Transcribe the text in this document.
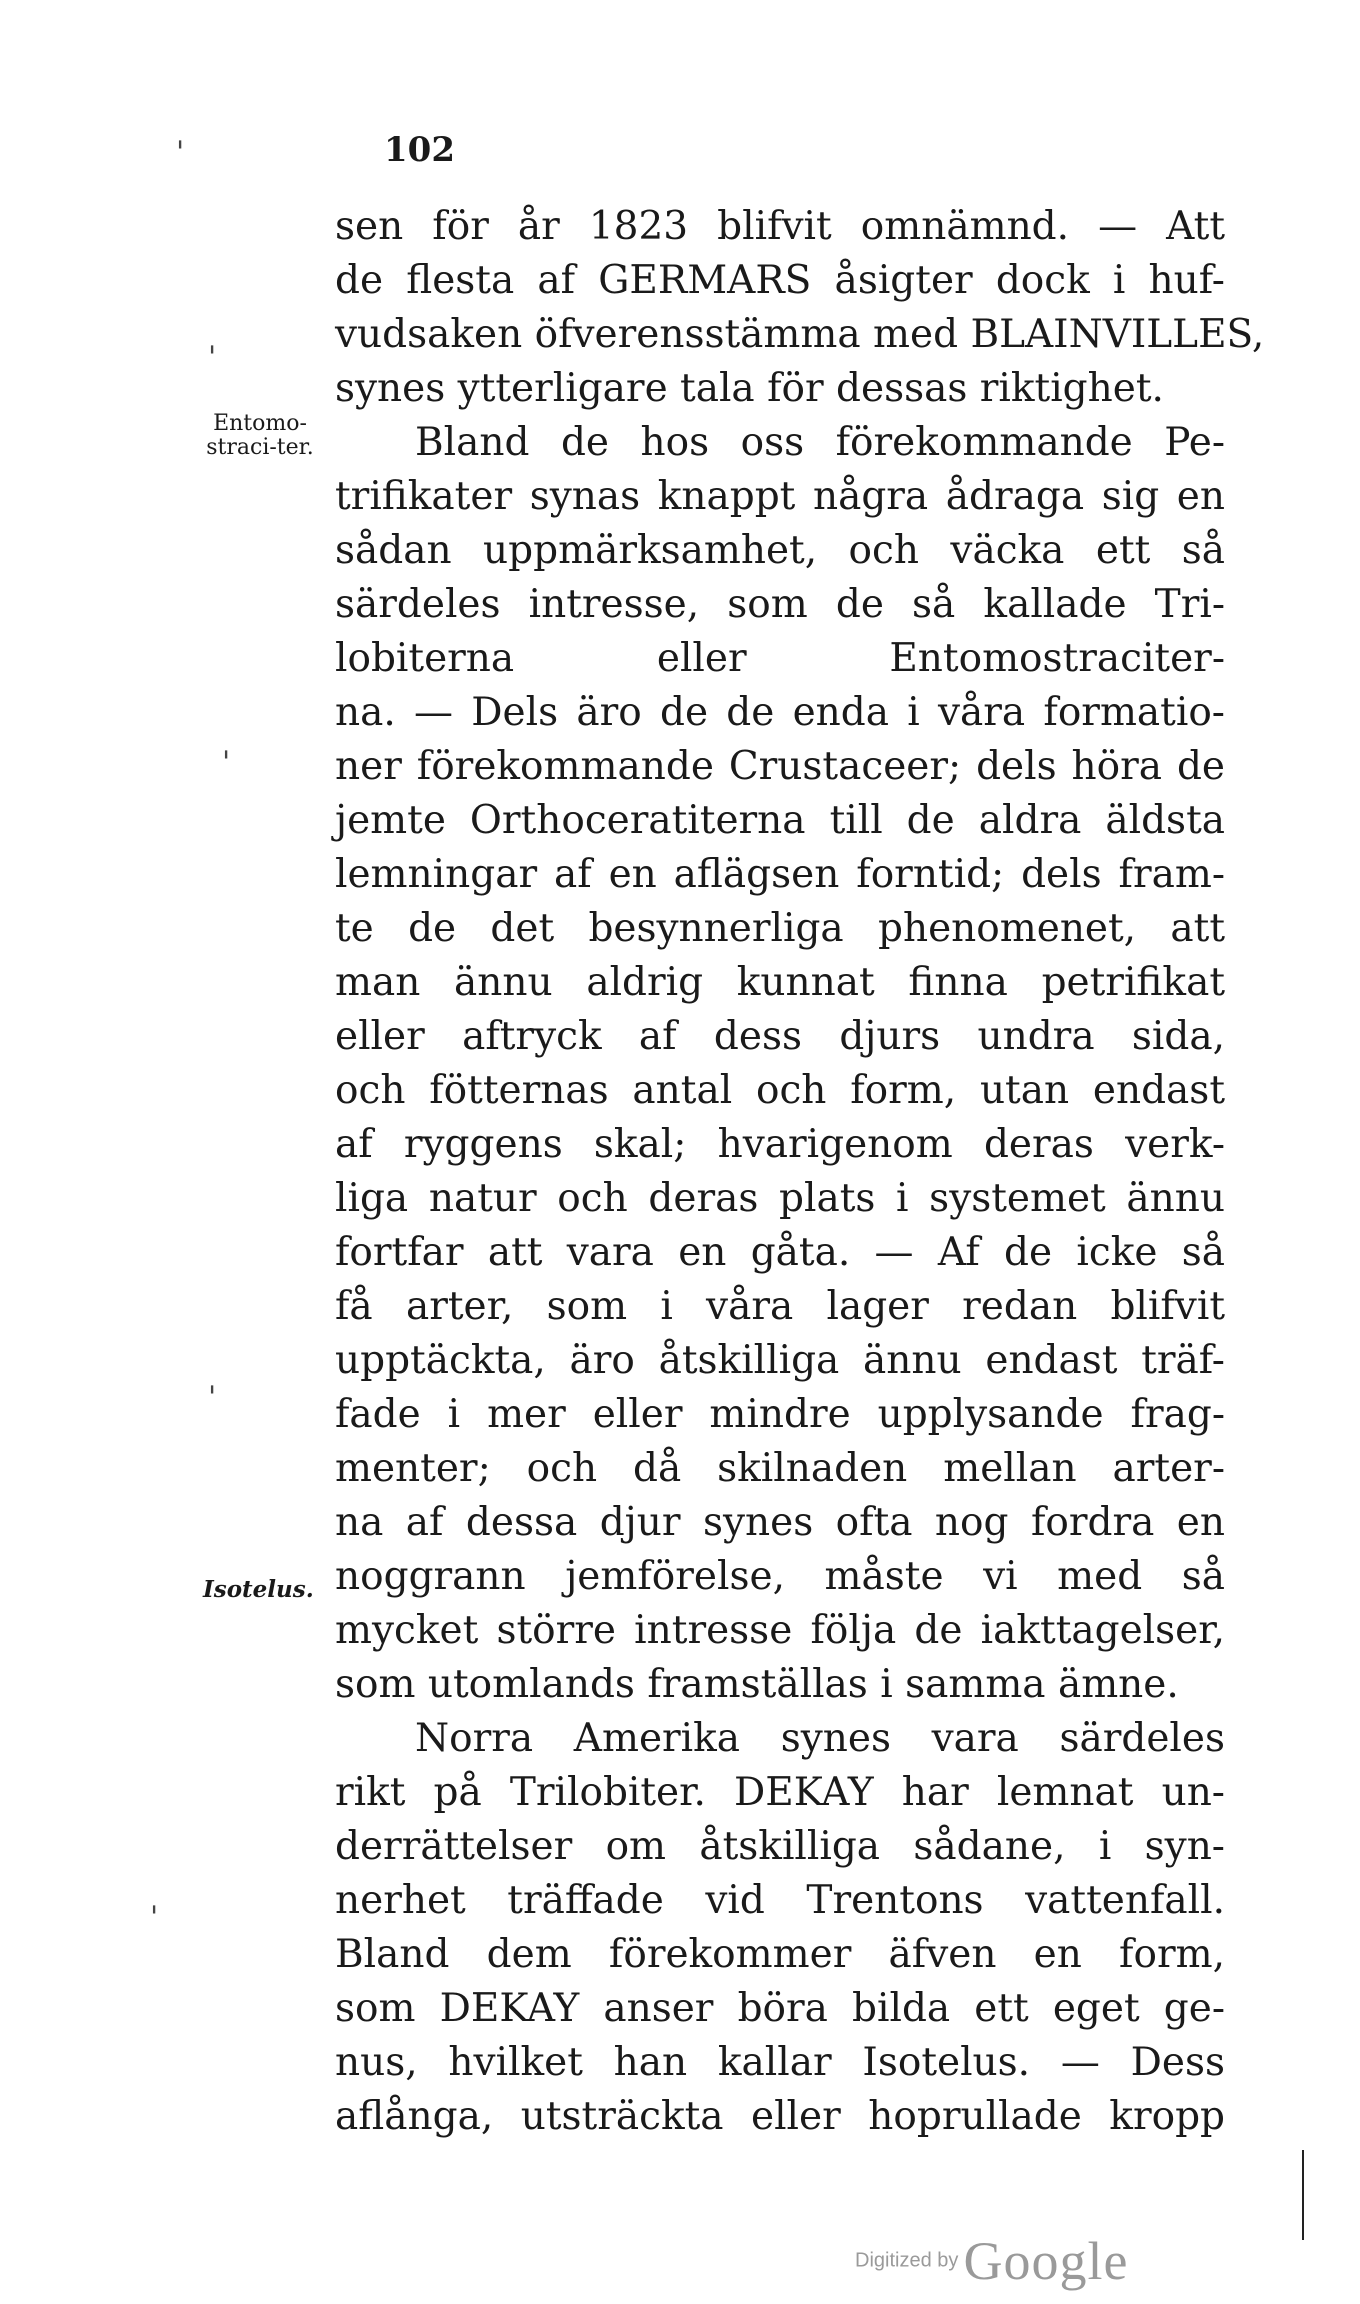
102
'
'
'
'
'
Entomo-straci-ter.
Isotelus.
sen för år 1823 blifvit omnämnd. — Att
de flesta af GERMARS åsigter dock i huf-
vudsaken öfverensstämma med BLAINVILLES,
synes ytterligare tala för dessas riktighet.
Bland de hos oss förekommande Pe-
trifikater synas knappt några ådraga sig en
sådan uppmärksamhet, och väcka ett så
särdeles intresse, som de så kallade Tri-
lobiterna eller Entomostraciter-
na. — Dels äro de de enda i våra formatio-
ner förekommande Crustaceer; dels höra de
jemte Orthoceratiterna till de aldra äldsta
lemningar af en aflägsen forntid; dels fram-
te de det besynnerliga phenomenet, att
man ännu aldrig kunnat finna petrifikat
eller aftryck af dess djurs undra sida,
och fötternas antal och form, utan endast
af ryggens skal; hvarigenom deras verk-
liga natur och deras plats i systemet ännu
fortfar att vara en gåta. — Af de icke så
få arter, som i våra lager redan blifvit
upptäckta, äro åtskilliga ännu endast träf-
fade i mer eller mindre upplysande frag-
menter; och då skilnaden mellan arter-
na af dessa djur synes ofta nog fordra en
noggrann jemförelse, måste vi med så
mycket större intresse följa de iakttagelser,
som utomlands framställas i samma ämne.
Norra Amerika synes vara särdeles
rikt på Trilobiter. DEKAY har lemnat un-
derrättelser om åtskilliga sådane, i syn-
nerhet träffade vid Trentons vattenfall.
Bland dem förekommer äfven en form,
som DEKAY anser böra bilda ett eget ge-
nus, hvilket han kallar Isotelus. — Dess
aflånga, utsträckta eller hoprullade kropp
Digitized by Google
